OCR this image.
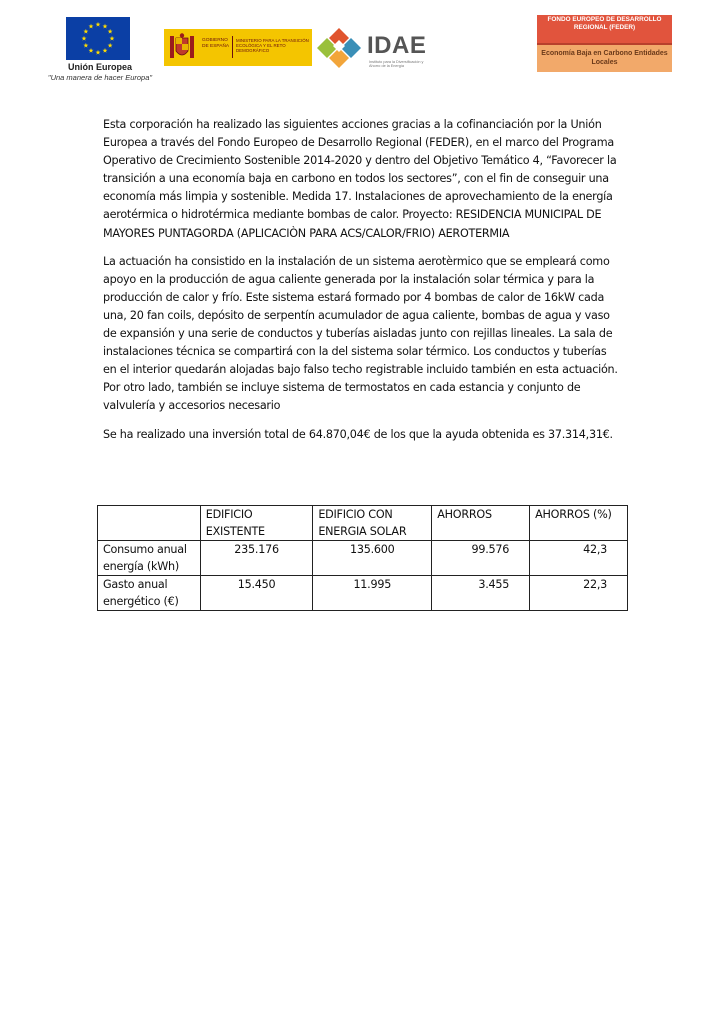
Unión Europea
"Una manera de hacer Europa"
GOBIERNO DE ESPAÑA
MINISTERIO PARA LA TRANSICIÓN ECOLÓGICA Y EL RETO DEMOGRÁFICO	IDAE
Instituto para la Diversificación y Ahorro de la Energía
FONDO EUROPEO DE DESARROLLO REGIONAL (FEDER)
Economía Baja en Carbono Entidades Locales

Esta corporación ha realizado las siguientes acciones gracias a la cofinanciación por la Unión Europea a través del Fondo Europeo de Desarrollo Regional (FEDER), en el marco del Programa Operativo de Crecimiento Sostenible 2014-2020 y dentro del Objetivo Temático 4, “Favorecer la transición a una economía baja en carbono en todos los sectores”, con el fin de conseguir una economía más limpia y sostenible. Medida 17. Instalaciones de aprovechamiento de la energía aerotérmica o hidrotérmica mediante bombas de calor. Proyecto: RESIDENCIA MUNICIPAL DE MAYORES PUNTAGORDA (APLICACIÒN PARA ACS/CALOR/FRIO) AEROTERMIA

La actuación ha consistido en la instalación de un sistema aerotèrmico que se empleará como apoyo en la producción de agua caliente generada por la instalación solar térmica y para la producción de calor y frío. Este sistema estará formado por 4 bombas de calor de 16kW cada una, 20 fan coils, depósito de serpentín acumulador de agua caliente, bombas de agua y vaso de expansión y una serie de conductos y tuberías aisladas junto con rejillas lineales. La sala de instalaciones técnica se compartirá con la del sistema solar térmico. Los conductos y tuberías en el interior quedarán alojadas bajo falso techo registrable incluido también en esta actuación. Por otro lado, también se incluye sistema de termostatos en cada estancia y conjunto de valvulería y accesorios necesario

Se ha realizado una inversión total de 64.870,04€ de los que la ayuda obtenida es 37.314,31€.

	EDIFICIO EXISTENTE	EDIFICIO CON ENERGIA SOLAR	AHORROS	AHORROS (%)
Consumo anual energía (kWh)	235.176	135.600	99.576	42,3
Gasto anual energético (€)	15.450	11.995	3.455	22,3
